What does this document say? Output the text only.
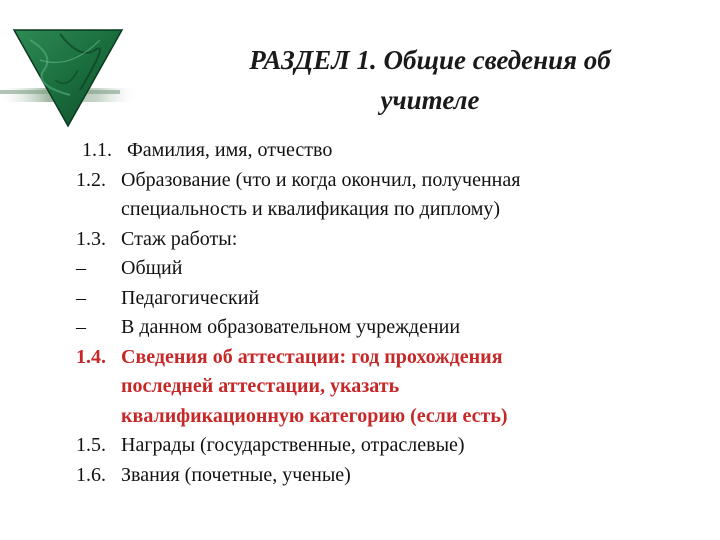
РАЗДЕЛ 1. Общие сведения об
учителе
1.1. Фамилия, имя, отчество
1.2. Образование (что и когда окончил, полученная
специальность и квалификация по диплому)
1.3. Стаж работы:
–	Общий
–	Педагогический
–	В данном образовательном учреждении
1.4. Сведения об аттестации: год прохождения
последней аттестации, указать
квалификационную категорию (если есть)
1.5. Награды (государственные, отраслевые)
1.6. Звания (почетные, ученые)
